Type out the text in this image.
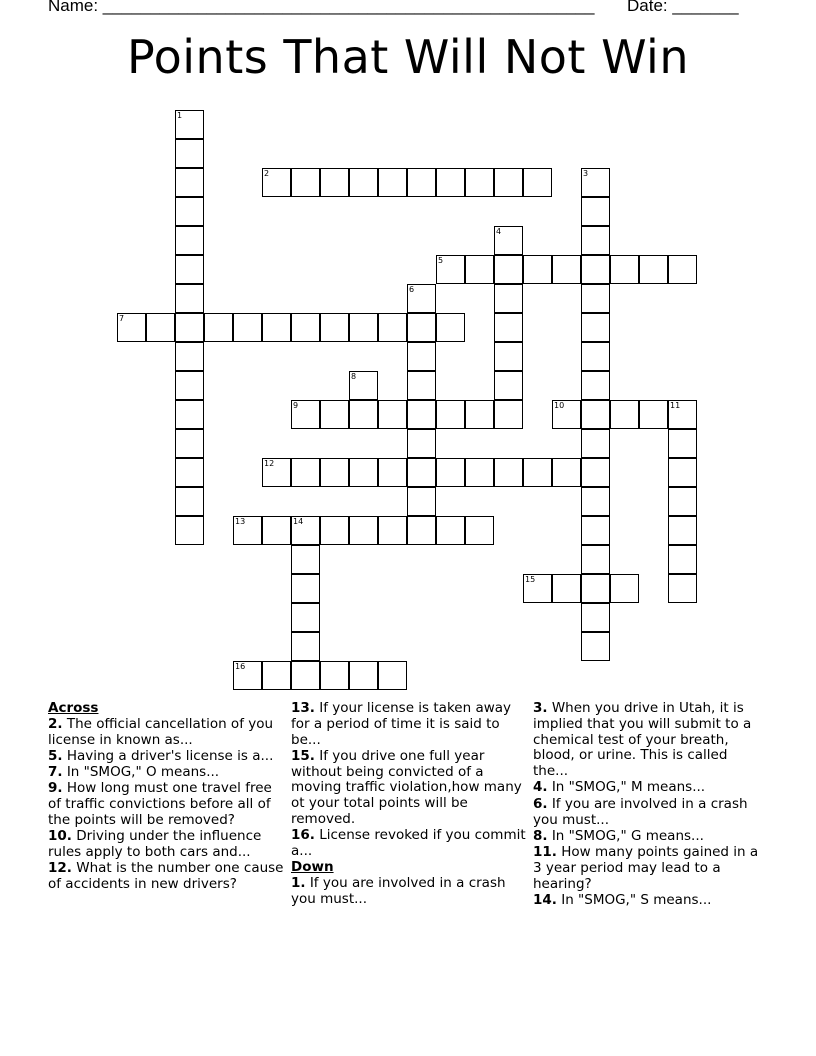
Name: ____________________________________________________ Date: _______
Points That Will Not Win
1
2	3
4
5
6
7
8
9	10	11
12
13	14
15
16
Across
2. The official cancellation of you license in known as...
5. Having a driver's license is a...
7. In "SMOG," O means...
9. How long must one travel free of traffic convictions before all of the points will be removed?
10. Driving under the influence rules apply to both cars and...
12. What is the number one cause of accidents in new drivers?
13. If your license is taken away for a period of time it is said to be...
15. If you drive one full year without being convicted of a moving traffic violation,how many ot your total points will be removed.
16. License revoked if you commit a...
Down
1. If you are involved in a crash you must...
3. When you drive in Utah, it is implied that you will submit to a chemical test of your breath, blood, or urine. This is called the...
4. In "SMOG," M means...
6. If you are involved in a crash you must...
8. In "SMOG," G means...
11. How many points gained in a 3 year period may lead to a hearing?
14. In "SMOG," S means...
